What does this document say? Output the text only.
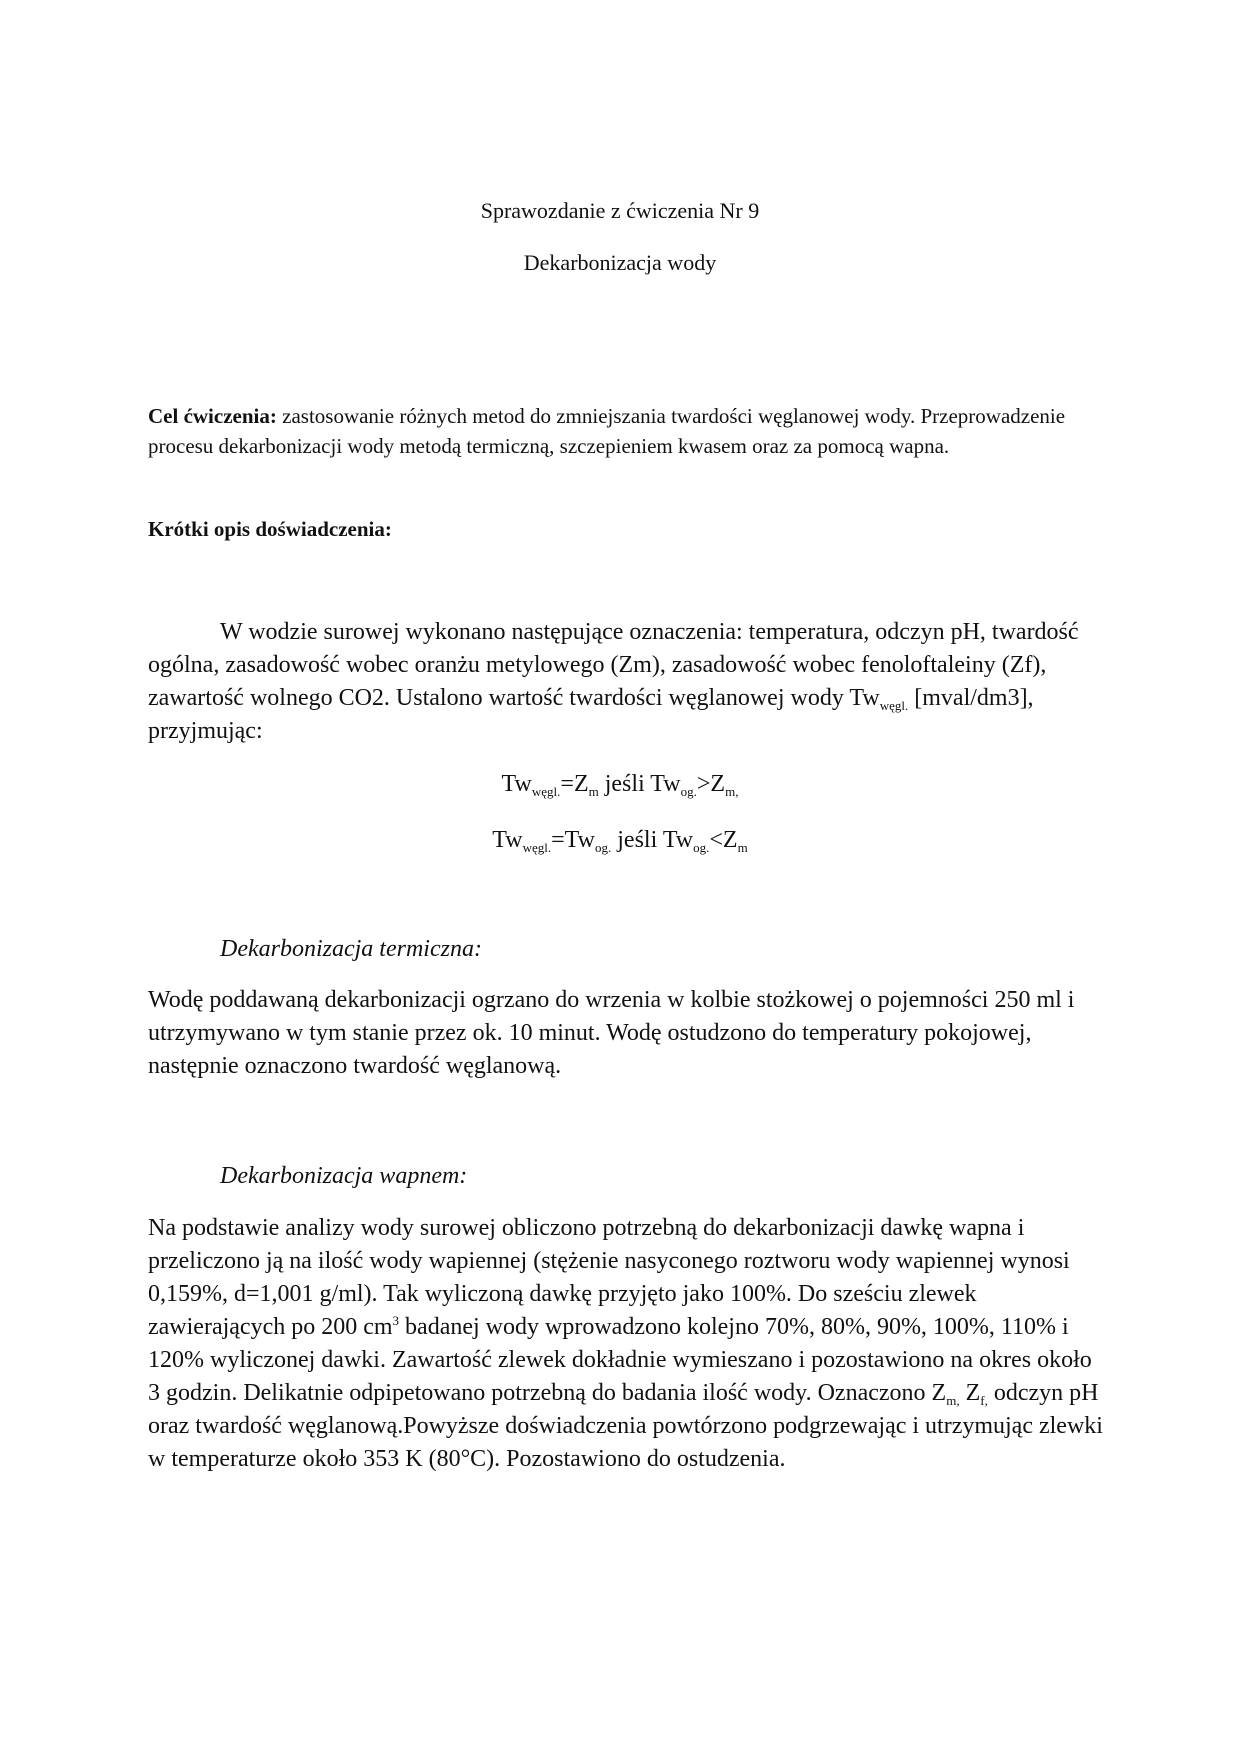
Sprawozdanie z ćwiczenia Nr 9

Dekarbonizacja wody

Cel ćwiczenia: zastosowanie różnych metod do zmniejszania twardości węglanowej wody. Przeprowadzenie procesu dekarbonizacji wody metodą termiczną, szczepieniem kwasem oraz za pomocą wapna.

Krótki opis doświadczenia:

W wodzie surowej wykonano następujące oznaczenia: temperatura, odczyn pH, twardość ogólna, zasadowość wobec oranżu metylowego (Zm), zasadowość wobec fenoloftaleiny (Zf), zawartość wolnego CO2. Ustalono wartość twardości węglanowej wody $Tw_{węgl.}$ [mval/dm3], przyjmując:

$Tw_{węgl.}=Z_m$ jeśli $Tw_{og.}>Z_{m,}$

$Tw_{węgl.}=Tw_{og.}$ jeśli $Tw_{og.}<Z_m$

Dekarbonizacja termiczna:

Wodę poddawaną dekarbonizacji ogrzano do wrzenia w kolbie stożkowej o pojemności 250 ml i utrzymywano w tym stanie przez ok. 10 minut. Wodę ostudzono do temperatury pokojowej, następnie oznaczono twardość węglanową.

Dekarbonizacja wapnem:

Na podstawie analizy wody surowej obliczono potrzebną do dekarbonizacji dawkę wapna i przeliczono ją na ilość wody wapiennej (stężenie nasyconego roztworu wody wapiennej wynosi 0,159%, d=1,001 g/ml). Tak wyliczoną dawkę przyjęto jako 100%. Do sześciu zlewek zawierających po 200 $cm^3$ badanej wody wprowadzono kolejno 70%, 80%, 90%, 100%, 110% i 120% wyliczonej dawki. Zawartość zlewek dokładnie wymieszano i pozostawiono na okres około 3 godzin. Delikatnie odpipetowano potrzebną do badania ilość wody. Oznaczono $Z_{m,}$ $Z_{f,}$ odczyn pH oraz twardość węglanową.Powyższe doświadczenia powtórzono podgrzewając i utrzymując zlewki w temperaturze około 353 K (80°C). Pozostawiono do ostudzenia.
